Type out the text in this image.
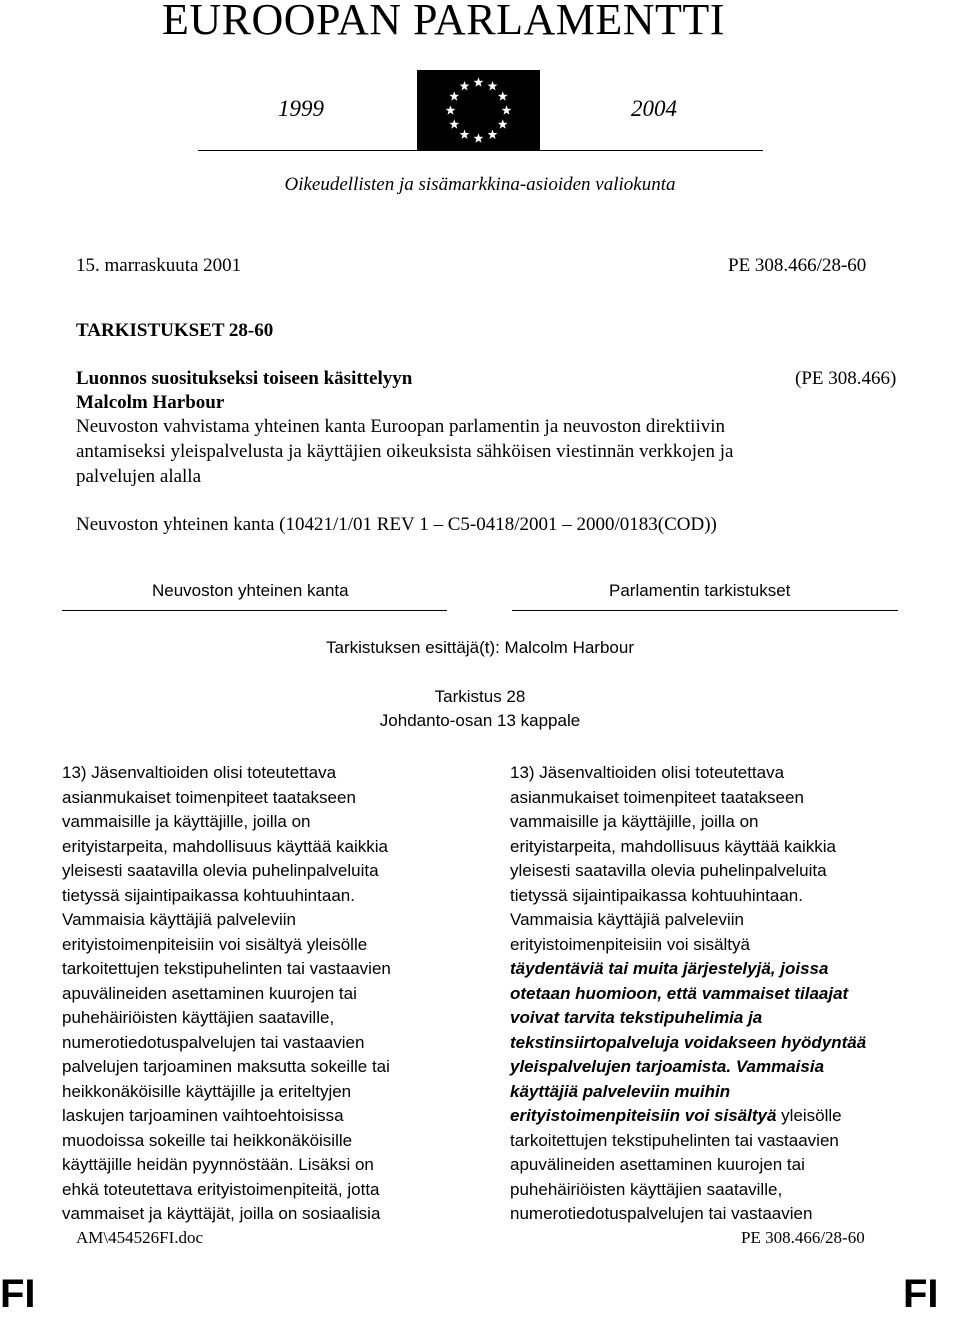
EUROOPAN PARLAMENTTI
1999	2004
Oikeudellisten ja sisämarkkina-asioiden valiokunta
15. marraskuuta 2001	PE 308.466/28-60
TARKISTUKSET 28-60
Luonnos suositukseksi toiseen käsittelyyn	(PE 308.466)
Malcolm Harbour
Neuvoston vahvistama yhteinen kanta Euroopan parlamentin ja neuvoston direktiivin
antamiseksi yleispalvelusta ja käyttäjien oikeuksista sähköisen viestinnän verkkojen ja
palvelujen alalla
Neuvoston yhteinen kanta (10421/1/01 REV 1 – C5-0418/2001 – 2000/0183(COD))
Neuvoston yhteinen kanta	Parlamentin tarkistukset
Tarkistuksen esittäjä(t): Malcolm Harbour
Tarkistus 28
Johdanto-osan 13 kappale
13) Jäsenvaltioiden olisi toteutettava
asianmukaiset toimenpiteet taatakseen
vammaisille ja käyttäjille, joilla on
erityistarpeita, mahdollisuus käyttää kaikkia
yleisesti saatavilla olevia puhelinpalveluita
tietyssä sijaintipaikassa kohtuuhintaan.
Vammaisia käyttäjiä palveleviin
erityistoimenpiteisiin voi sisältyä yleisölle
tarkoitettujen tekstipuhelinten tai vastaavien
apuvälineiden asettaminen kuurojen tai
puhehäiriöisten käyttäjien saataville,
numerotiedotuspalvelujen tai vastaavien
palvelujen tarjoaminen maksutta sokeille tai
heikkonäköisille käyttäjille ja eriteltyjen
laskujen tarjoaminen vaihtoehtoisissa
muodoissa sokeille tai heikkonäköisille
käyttäjille heidän pyynnöstään. Lisäksi on
ehkä toteutettava erityistoimenpiteitä, jotta
vammaiset ja käyttäjät, joilla on sosiaalisia
13) Jäsenvaltioiden olisi toteutettava
asianmukaiset toimenpiteet taatakseen
vammaisille ja käyttäjille, joilla on
erityistarpeita, mahdollisuus käyttää kaikkia
yleisesti saatavilla olevia puhelinpalveluita
tietyssä sijaintipaikassa kohtuuhintaan.
Vammaisia käyttäjiä palveleviin
erityistoimenpiteisiin voi sisältyä
täydentäviä tai muita järjestelyjä, joissa
otetaan huomioon, että vammaiset tilaajat
voivat tarvita tekstipuhelimia ja
tekstinsiirtopalveluja voidakseen hyödyntää
yleispalvelujen tarjoamista. Vammaisia
käyttäjiä palveleviin muihin
erityistoimenpiteisiin voi sisältyä yleisölle
tarkoitettujen tekstipuhelinten tai vastaavien
apuvälineiden asettaminen kuurojen tai
puhehäiriöisten käyttäjien saataville,
numerotiedotuspalvelujen tai vastaavien
AM\454526FI.doc	PE 308.466/28-60
FI	FI
